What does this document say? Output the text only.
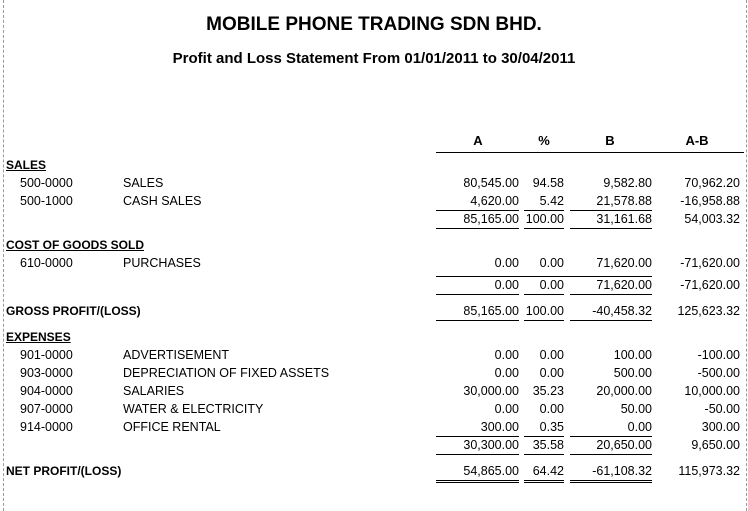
MOBILE PHONE TRADING SDN BHD.
Profit and Loss Statement From 01/01/2011 to 30/04/2011
A	%	B	A-B
SALES
500-0000	SALES	80,545.00	94.58	9,582.80	70,962.20
500-1000	CASH SALES	4,620.00	5.42	21,578.88	-16,958.88
85,165.00 100.00	31,161.68	54,003.32
COST OF GOODS SOLD
610-0000	PURCHASES	0.00	0.00	71,620.00	-71,620.00
0.00	0.00	71,620.00	-71,620.00
GROSS PROFIT/(LOSS)	85,165.00 100.00	-40,458.32	125,623.32
EXPENSES
901-0000	ADVERTISEMENT	0.00	0.00	100.00	-100.00
903-0000	DEPRECIATION OF FIXED ASSETS	0.00	0.00	500.00	-500.00
904-0000	SALARIES	30,000.00	35.23	20,000.00	10,000.00
907-0000	WATER & ELECTRICITY	0.00	0.00	50.00	-50.00
914-0000	OFFICE RENTAL	300.00	0.35	0.00	300.00
30,300.00	35.58	20,650.00	9,650.00
NET PROFIT/(LOSS)	54,865.00	64.42	-61,108.32	115,973.32
